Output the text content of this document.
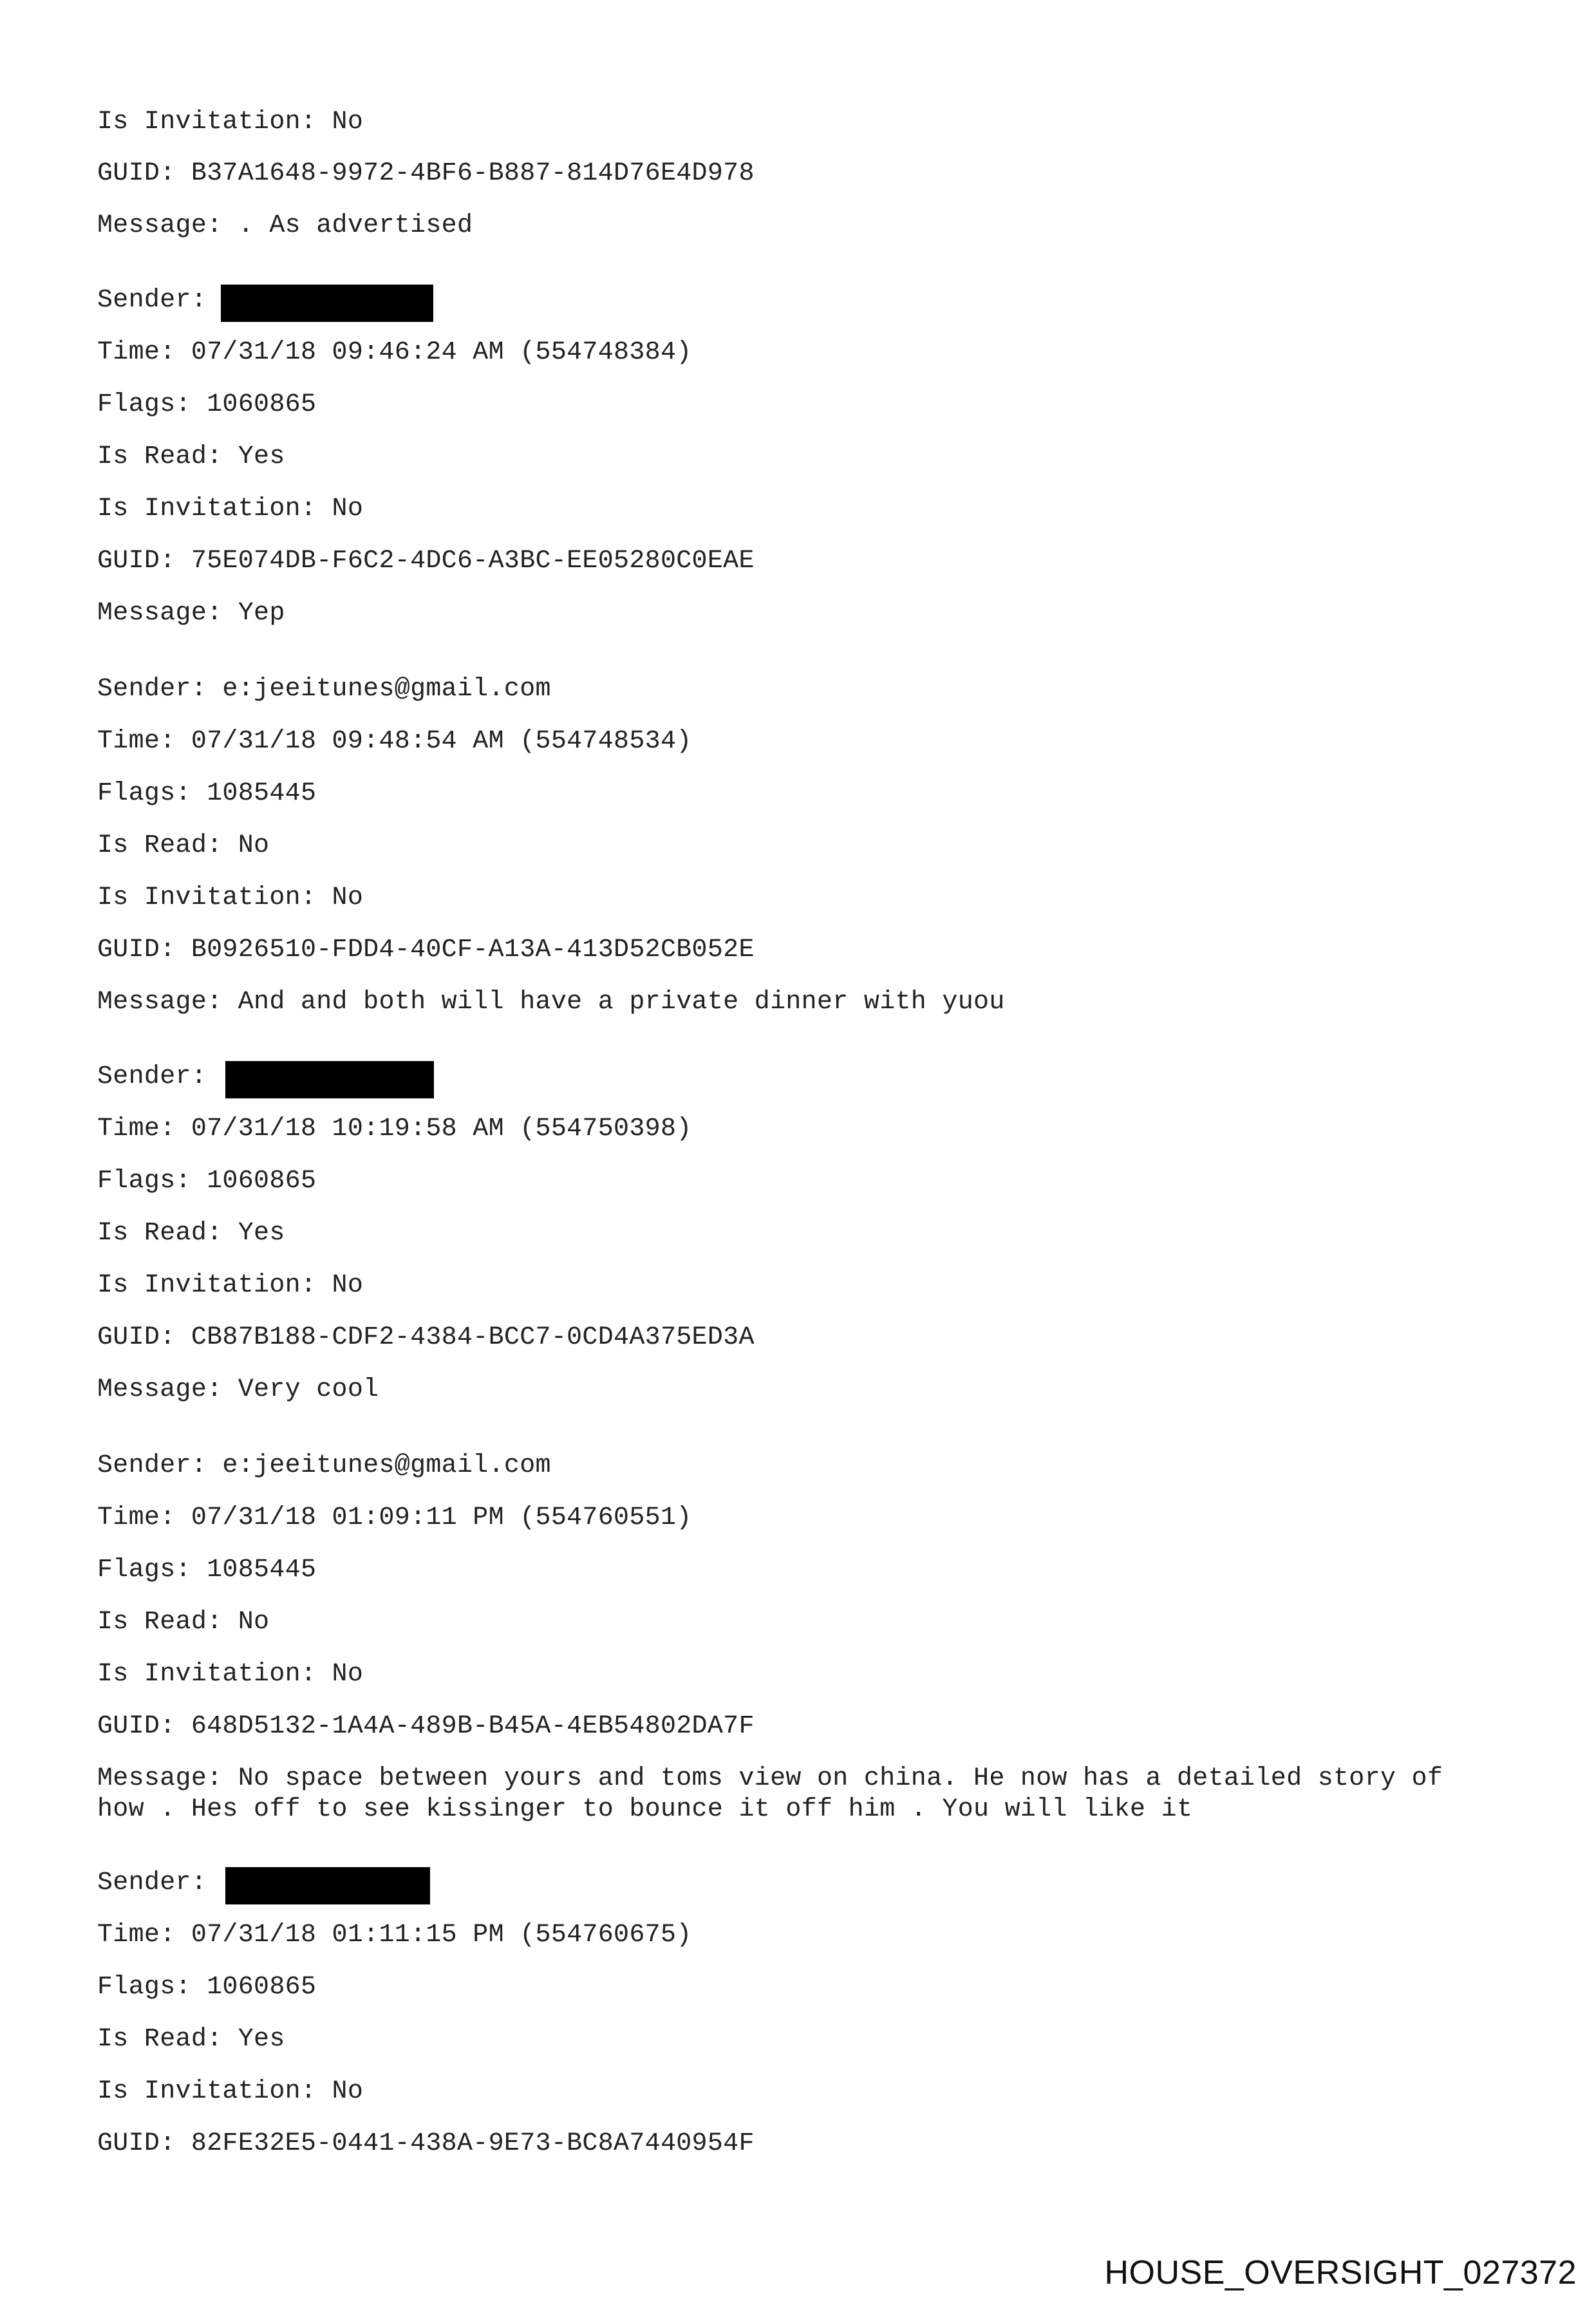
Is Invitation: No

GUID: B37A1648-9972-4BF6-B887-814D76E4D978

Message: . As advertised

Sender:

Time: 07/31/18 09:46:24 AM (554748384)

Flags: 1060865

Is Read: Yes

Is Invitation: No

GUID: 75E074DB-F6C2-4DC6-A3BC-EE05280C0EAE

Message: Yep

Sender: e:jeeitunes@gmail.com

Time: 07/31/18 09:48:54 AM (554748534)

Flags: 1085445

Is Read: No

Is Invitation: No

GUID: B0926510-FDD4-40CF-A13A-413D52CB052E

Message: And and both will have a private dinner with yuou

Sender:

Time: 07/31/18 10:19:58 AM (554750398)

Flags: 1060865

Is Read: Yes

Is Invitation: No

GUID: CB87B188-CDF2-4384-BCC7-0CD4A375ED3A

Message: Very cool

Sender: e:jeeitunes@gmail.com

Time: 07/31/18 01:09:11 PM (554760551)

Flags: 1085445

Is Read: No

Is Invitation: No

GUID: 648D5132-1A4A-489B-B45A-4EB54802DA7F

Message: No space between yours and toms view on china. He now has a detailed story of
how . Hes off to see kissinger to bounce it off him . You will like it

Sender:

Time: 07/31/18 01:11:15 PM (554760675)

Flags: 1060865

Is Read: Yes

Is Invitation: No

GUID: 82FE32E5-0441-438A-9E73-BC8A7440954F

HOUSE_OVERSIGHT_027372
